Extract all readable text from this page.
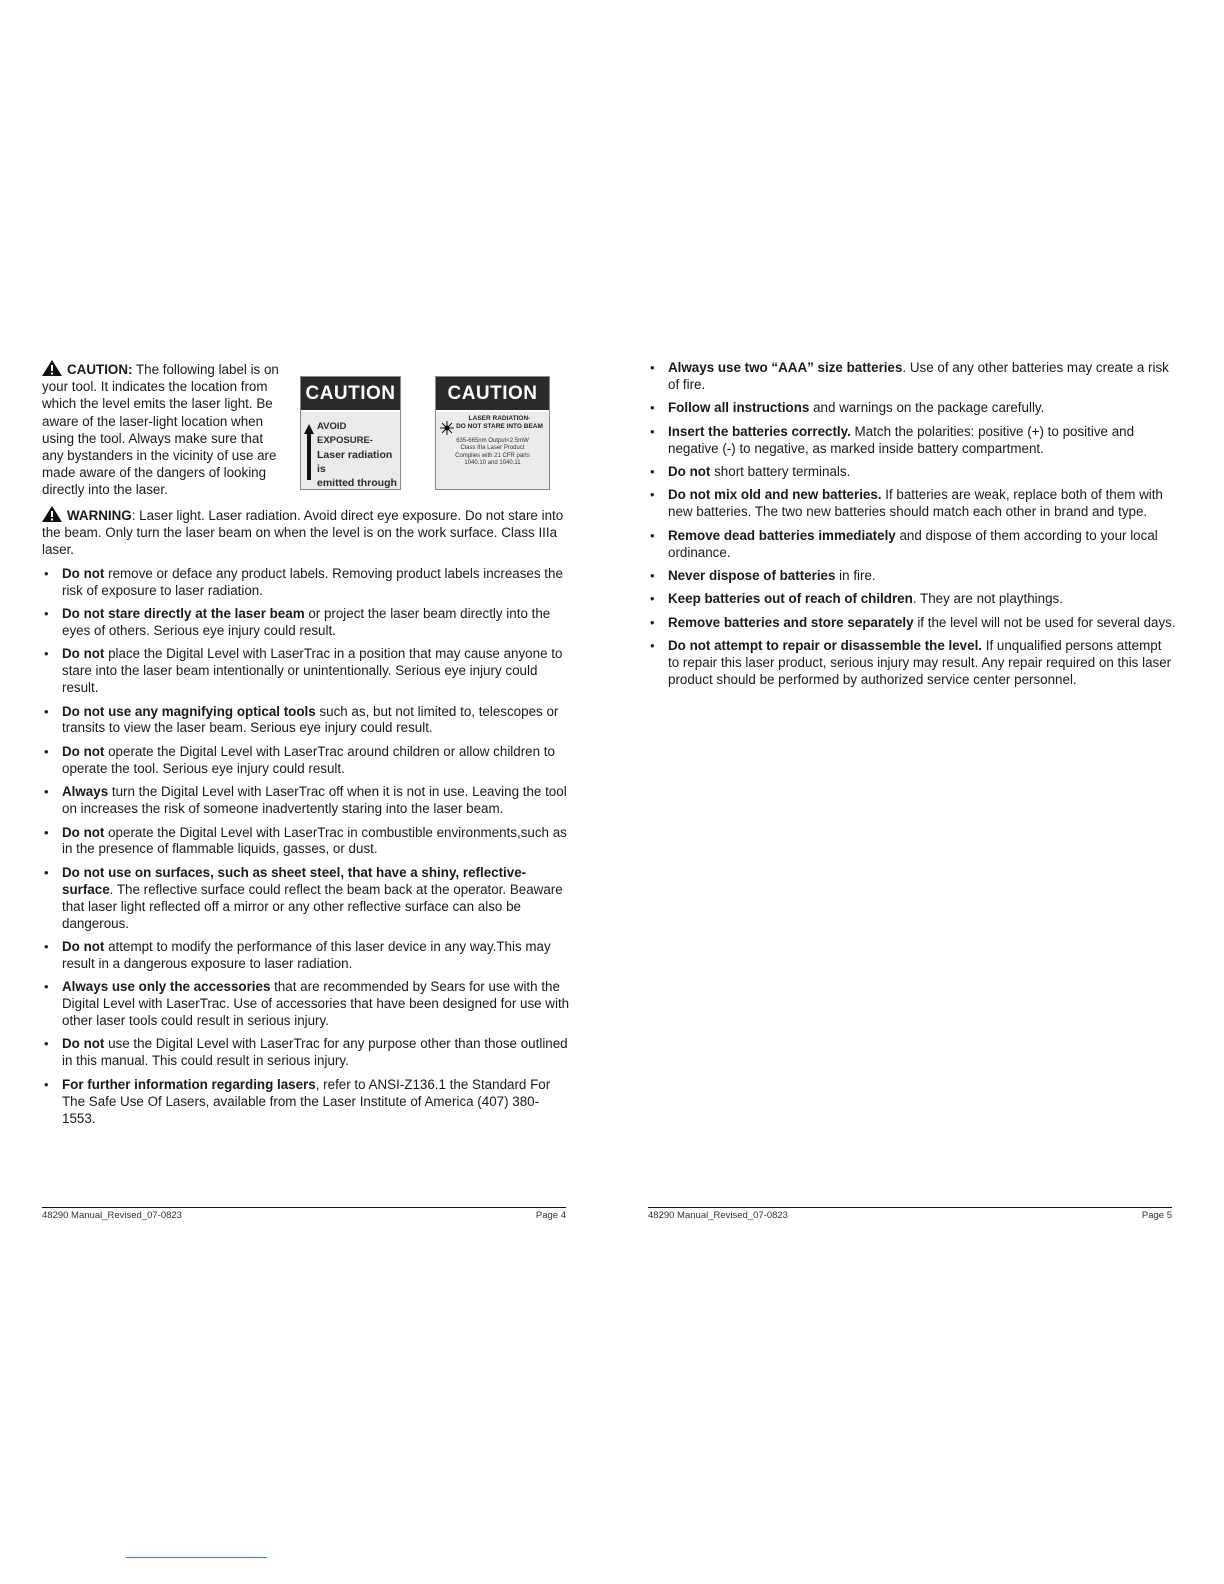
CAUTION: The following label is on your tool. It indicates the location from which the level emits the laser light. Be aware of the laser-light location when using the tool. Always make sure that any bystanders in the vicinity of use are made aware of the dangers of looking directly into the laser.

CAUTION
AVOID EXPOSURE-
Laser radiation is
emitted through
CAUTION
LASER RADIATION-
DO NOT STARE INTO BEAM
635-665nm Output<2.5mW
Class IIIa Laser Product
Complies with 21 CFR parts
1040.10 and 1040.11

WARNING: Laser light. Laser radiation. Avoid direct eye exposure. Do not stare into the beam. Only turn the laser beam on when the level is on the work surface. Class IIIa laser.

• Do not remove or deface any product labels. Removing product labels increases the risk of exposure to laser radiation.
• Do not stare directly at the laser beam or project the laser beam directly into the eyes of others. Serious eye injury could result.
• Do not place the Digital Level with LaserTrac in a position that may cause anyone to stare into the laser beam intentionally or unintentionally. Serious eye injury could result.
• Do not use any magnifying optical tools such as, but not limited to, telescopes or transits to view the laser beam. Serious eye injury could result.
• Do not operate the Digital Level with LaserTrac around children or allow children to operate the tool. Serious eye injury could result.
• Always turn the Digital Level with LaserTrac off when it is not in use. Leaving the tool on increases the risk of someone inadvertently staring into the laser beam.
• Do not operate the Digital Level with LaserTrac in combustible environments,such as in the presence of flammable liquids, gasses, or dust.
• Do not use on surfaces, such as sheet steel, that have a shiny, reflective-surface. The reflective surface could reflect the beam back at the operator. Beaware that laser light reflected off a mirror or any other reflective surface can also be dangerous.
• Do not attempt to modify the performance of this laser device in any way.This may result in a dangerous exposure to laser radiation.
• Always use only the accessories that are recommended by Sears for use with the Digital Level with LaserTrac. Use of accessories that have been designed for use with other laser tools could result in serious injury.
• Do not use the Digital Level with LaserTrac for any purpose other than those outlined in this manual. This could result in serious injury.
• For further information regarding lasers, refer to ANSI-Z136.1 the Standard For The Safe Use Of Lasers, available from the Laser Institute of America (407) 380-1553.
• Always use two “AAA” size batteries. Use of any other batteries may create a risk of fire.
• Follow all instructions and warnings on the package carefully.
• Insert the batteries correctly. Match the polarities: positive (+) to positive and negative (-) to negative, as marked inside battery compartment.
• Do not short battery terminals.
• Do not mix old and new batteries. If batteries are weak, replace both of them with new batteries. The two new batteries should match each other in brand and type.
• Remove dead batteries immediately and dispose of them according to your local ordinance.
• Never dispose of batteries in fire.
• Keep batteries out of reach of children. They are not playthings.
• Remove batteries and store separately if the level will not be used for several days.
• Do not attempt to repair or disassemble the level. If unqualified persons attempt to repair this laser product, serious injury may result. Any repair required on this laser product should be performed by authorized service center personnel.
48290 Manual_Revised_07-0823	Page 4	48290 Manual_Revised_07-0823	Page 5
